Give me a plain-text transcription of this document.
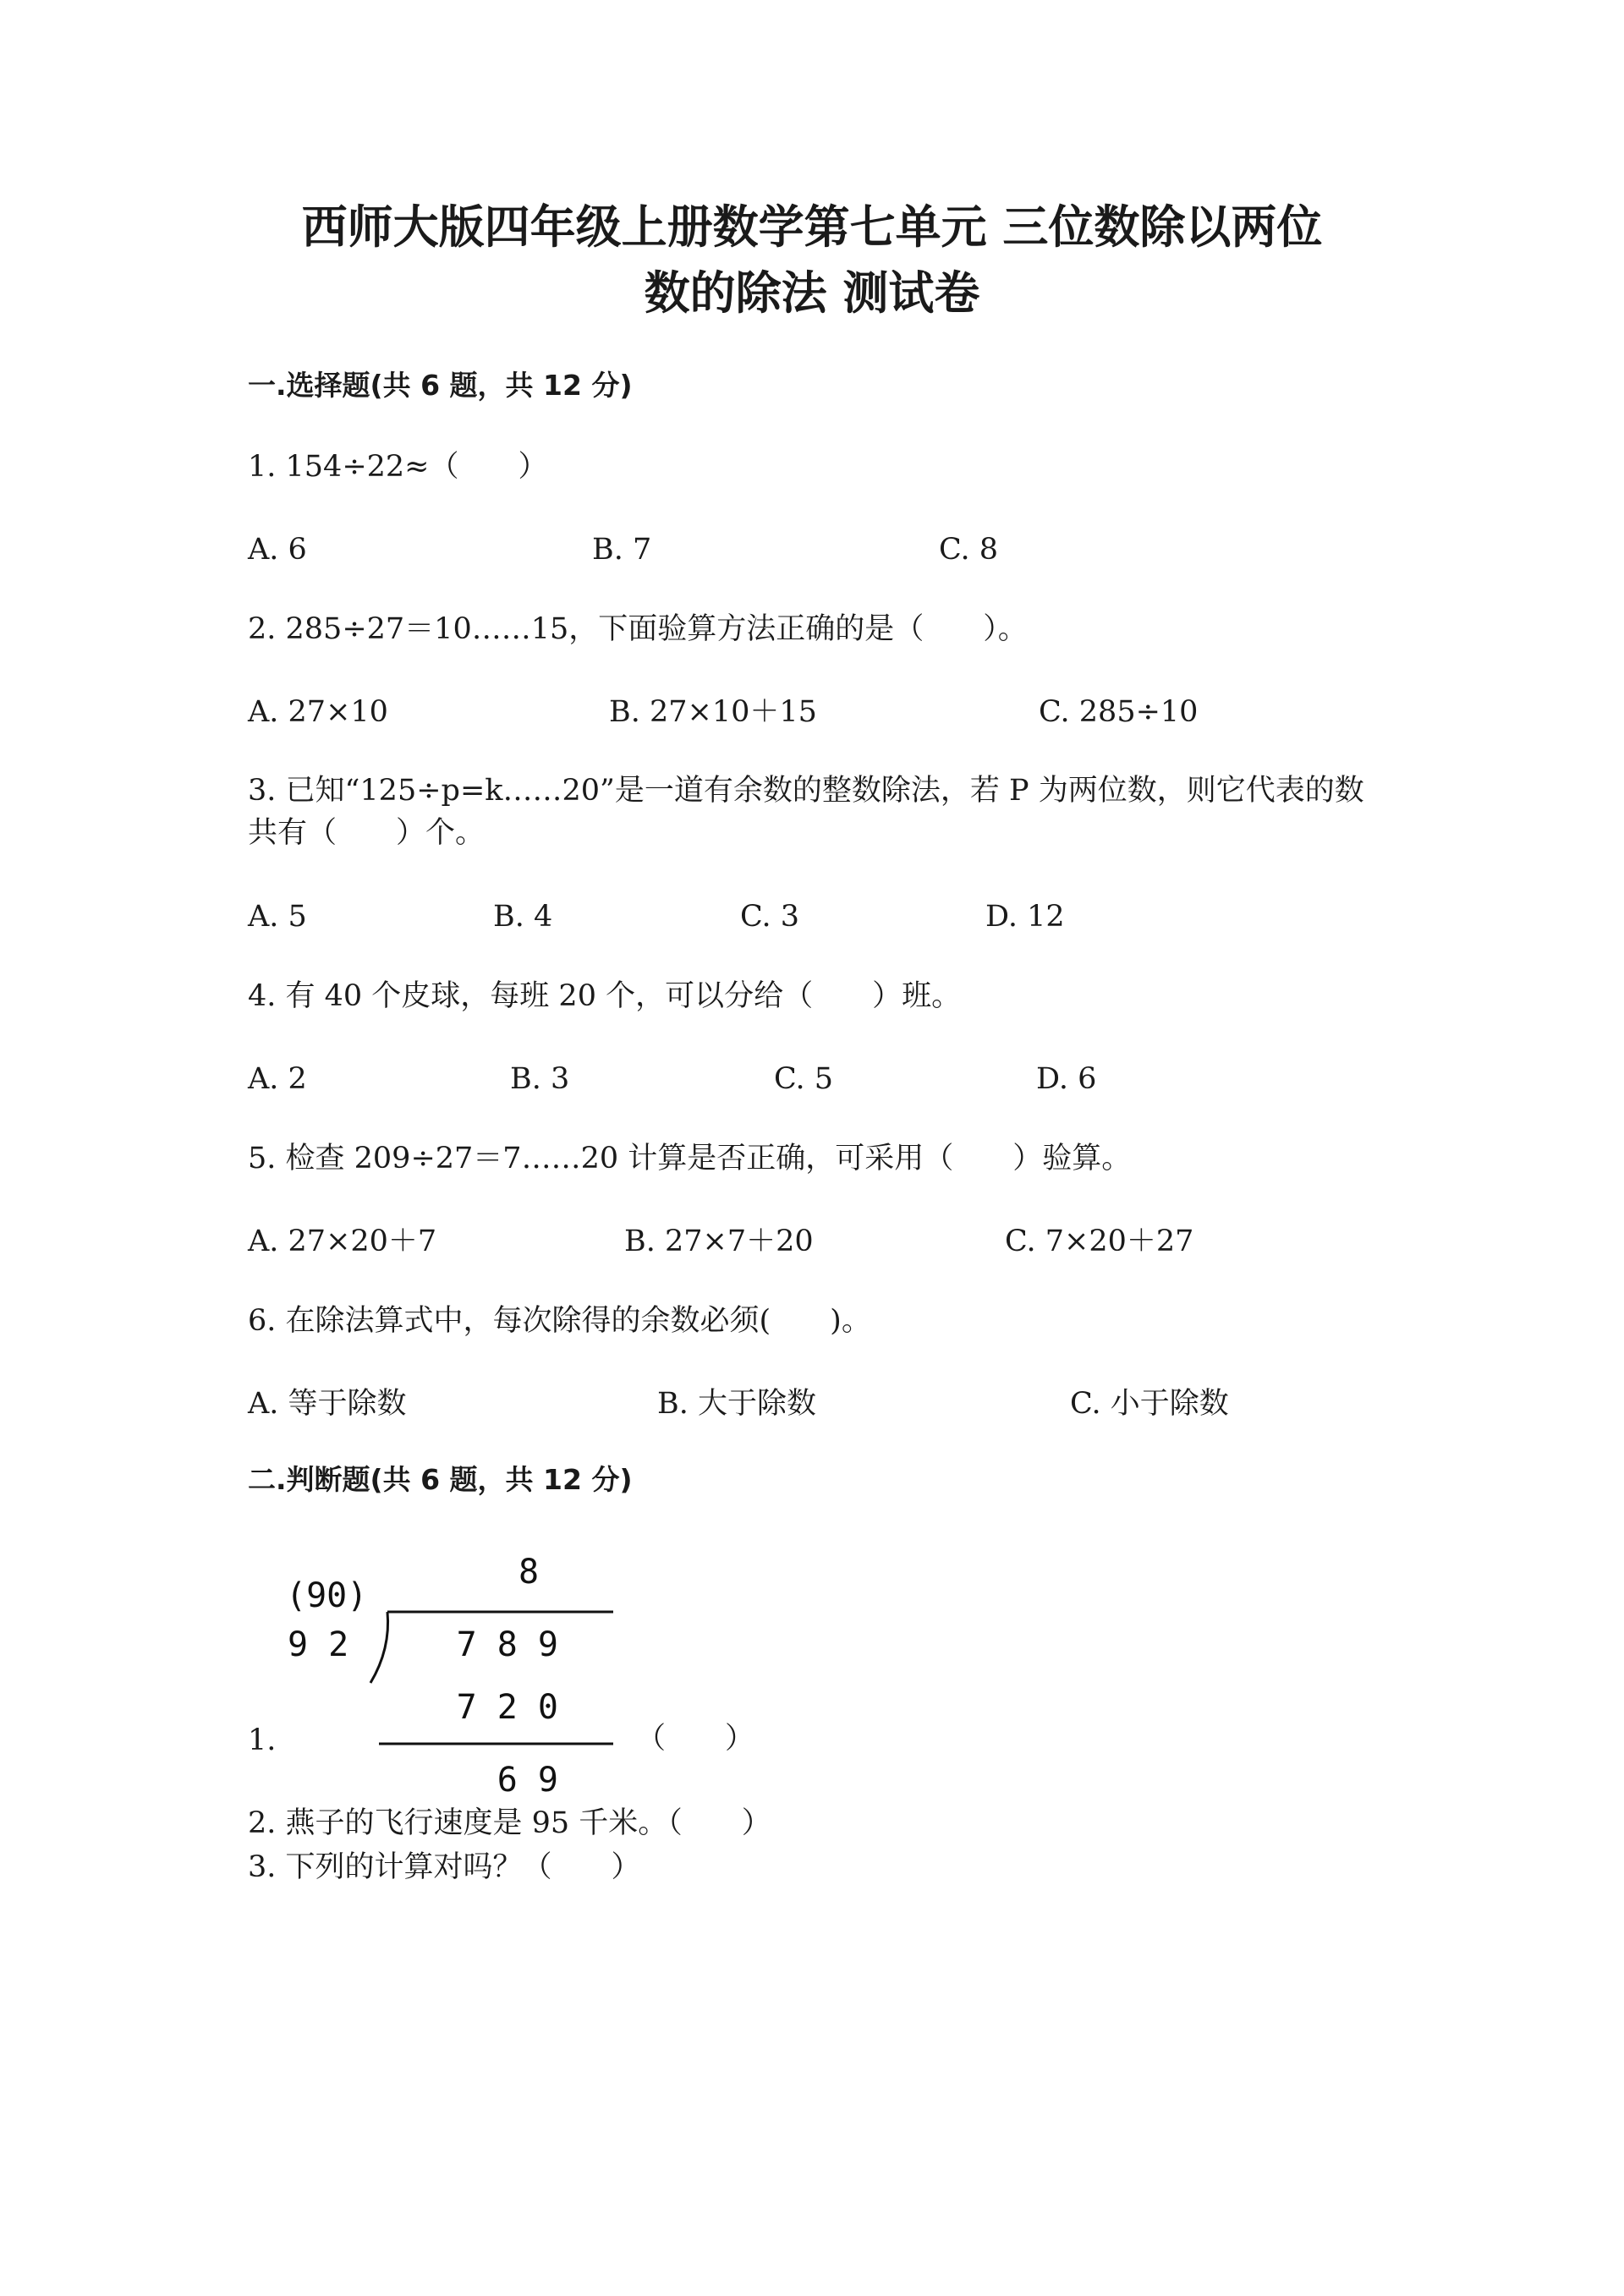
西师大版四年级上册数学第七单元 三位数除以两位
数的除法 测试卷
一.选择题(共 6 题，共 12 分)

1. 154÷22≈（　　）

A. 6	B. 7	C. 8

2. 285÷27＝10……15，下面验算方法正确的是（　　）。

A. 27×10	B. 27×10＋15	C. 285÷10

3. 已知“125÷p=k……20”是一道有余数的整数除法，若 P 为两位数，则它代表的数共有（　　）个。

A. 5	B. 4	C. 3	D. 12

4. 有 40 个皮球，每班 20 个，可以分给（　　）班。

A. 2	B. 3	C. 5	D. 6

5. 检查 209÷27＝7……20 计算是否正确，可采用（　　）验算。

A. 27×20＋7	B. 27×7＋20	C. 7×20＋27

6. 在除法算式中，每次除得的余数必须(　　)。

A. 等于除数	B. 大于除数	C. 小于除数
二.判断题(共 6 题，共 12 分)
(90)
8
9 2	7 8 9
7 2 0
6 9
1.	（　　）

2. 燕子的飞行速度是 95 千米。（　　）

3. 下列的计算对吗？（　　）
